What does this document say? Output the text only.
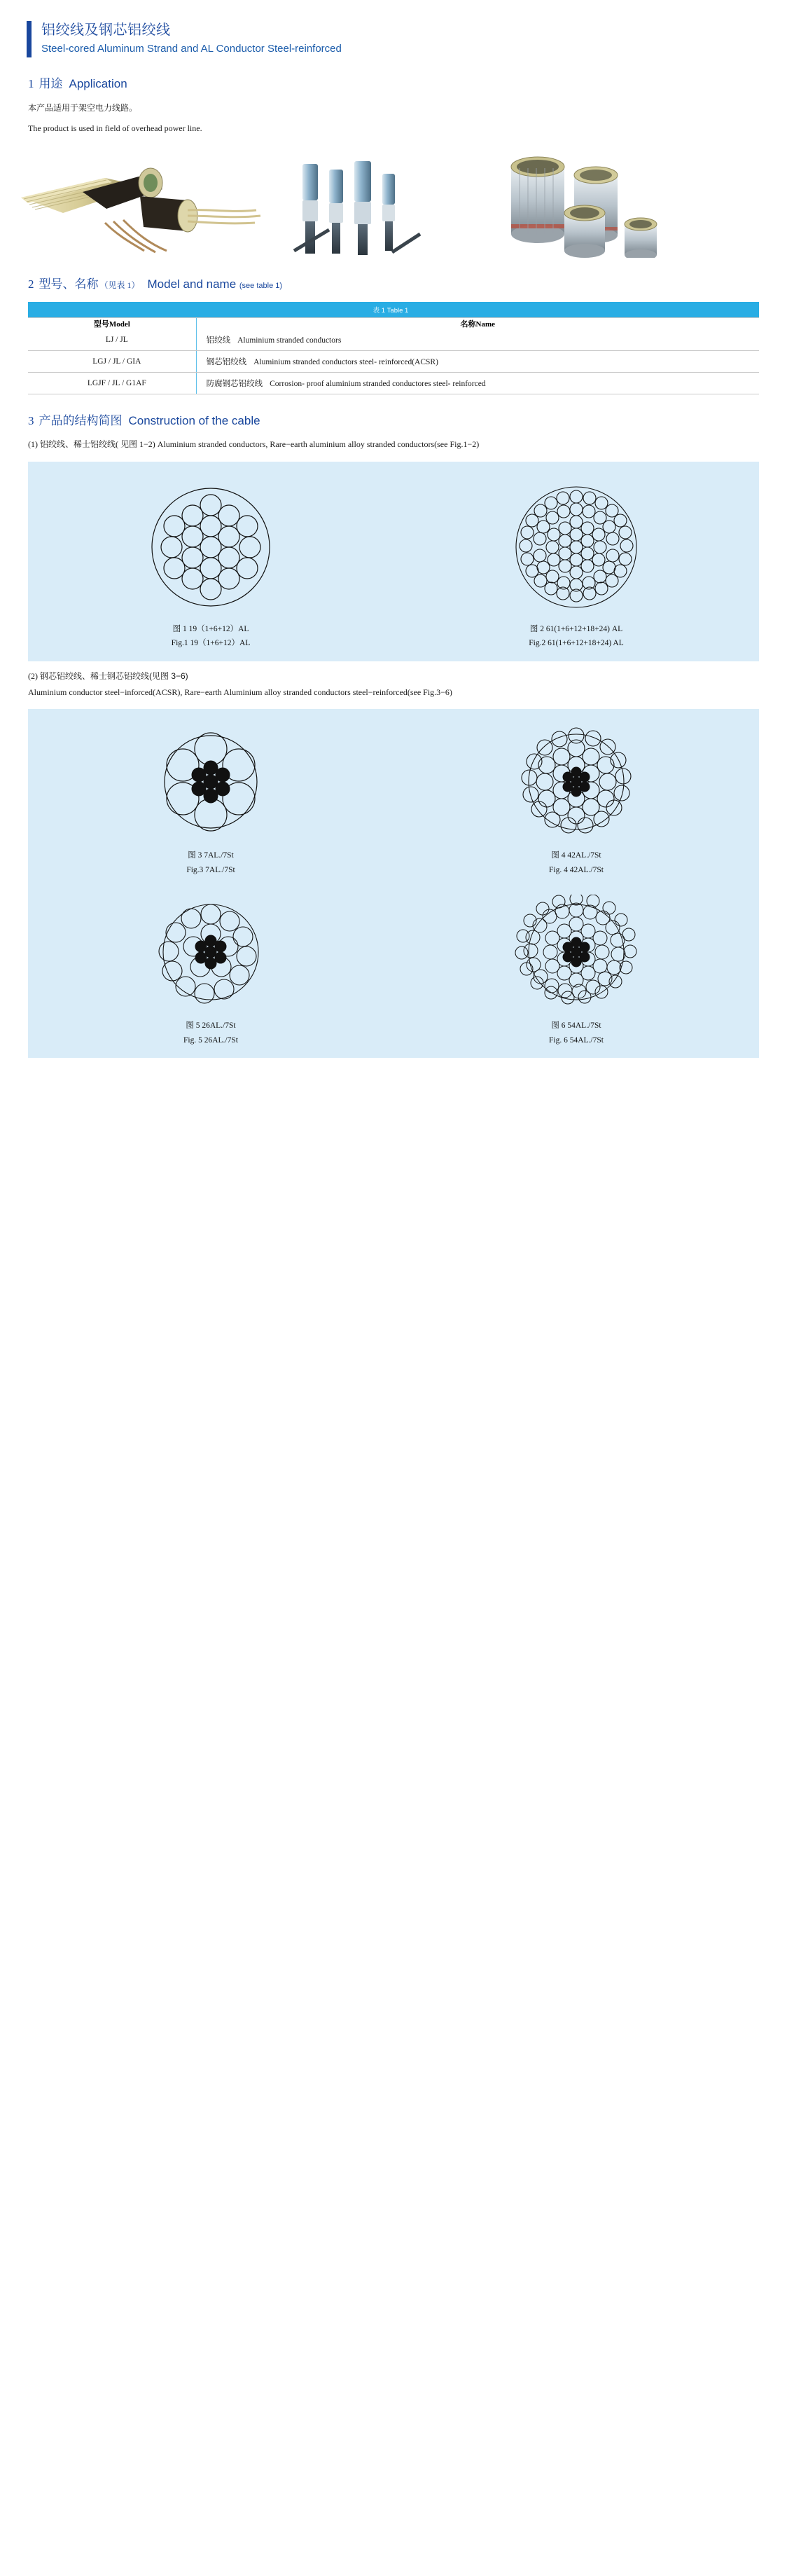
铝绞线及钢芯铝绞线
Steel-cored Aluminum Strand and AL Conductor Steel-reinforced
1 用途 Application
本产品适用于架空电力线路。
The product is used in field of overhead power line.
2 型号、名称 （见表 1） Model and name (see table 1)
表 1 Table 1	
型号Model	名称Name
LJ / JL	铝绞线 Aluminium stranded conductors
LGJ / JL / GIA	钢芯铝绞线 Aluminium stranded conductors steel- reinforced(ACSR)
LGJF / JL / G1AF	防腐钢芯铝绞线 Corrosion- proof aluminium stranded conductores steel- reinforced
3 产品的结构简图 Construction of the cable
(1) 铝绞线、稀士铝绞线( 见图 1−2) Aluminium stranded conductors, Rare−earth aluminium alloy stranded conductors(see Fig.1−2)
图 1 19（1+6+12）AL
Fig.1 19（1+6+12）AL
图 2 61(1+6+12+18+24) AL
Fig.2 61(1+6+12+18+24) AL
(2) 钢芯铝绞线、稀士钢芯铝绞线(见图 3−6)
Aluminium conductor steel−inforced(ACSR), Rare−earth Aluminium alloy stranded conductors steel−reinforced(see Fig.3−6)
图 3 7AL./7St
Fig.3 7AL./7St
图 4 42AL./7St
Fig. 4 42AL./7St
图 5 26AL./7St
Fig. 5 26AL./7St
图 6 54AL./7St
Fig. 6 54AL./7St
